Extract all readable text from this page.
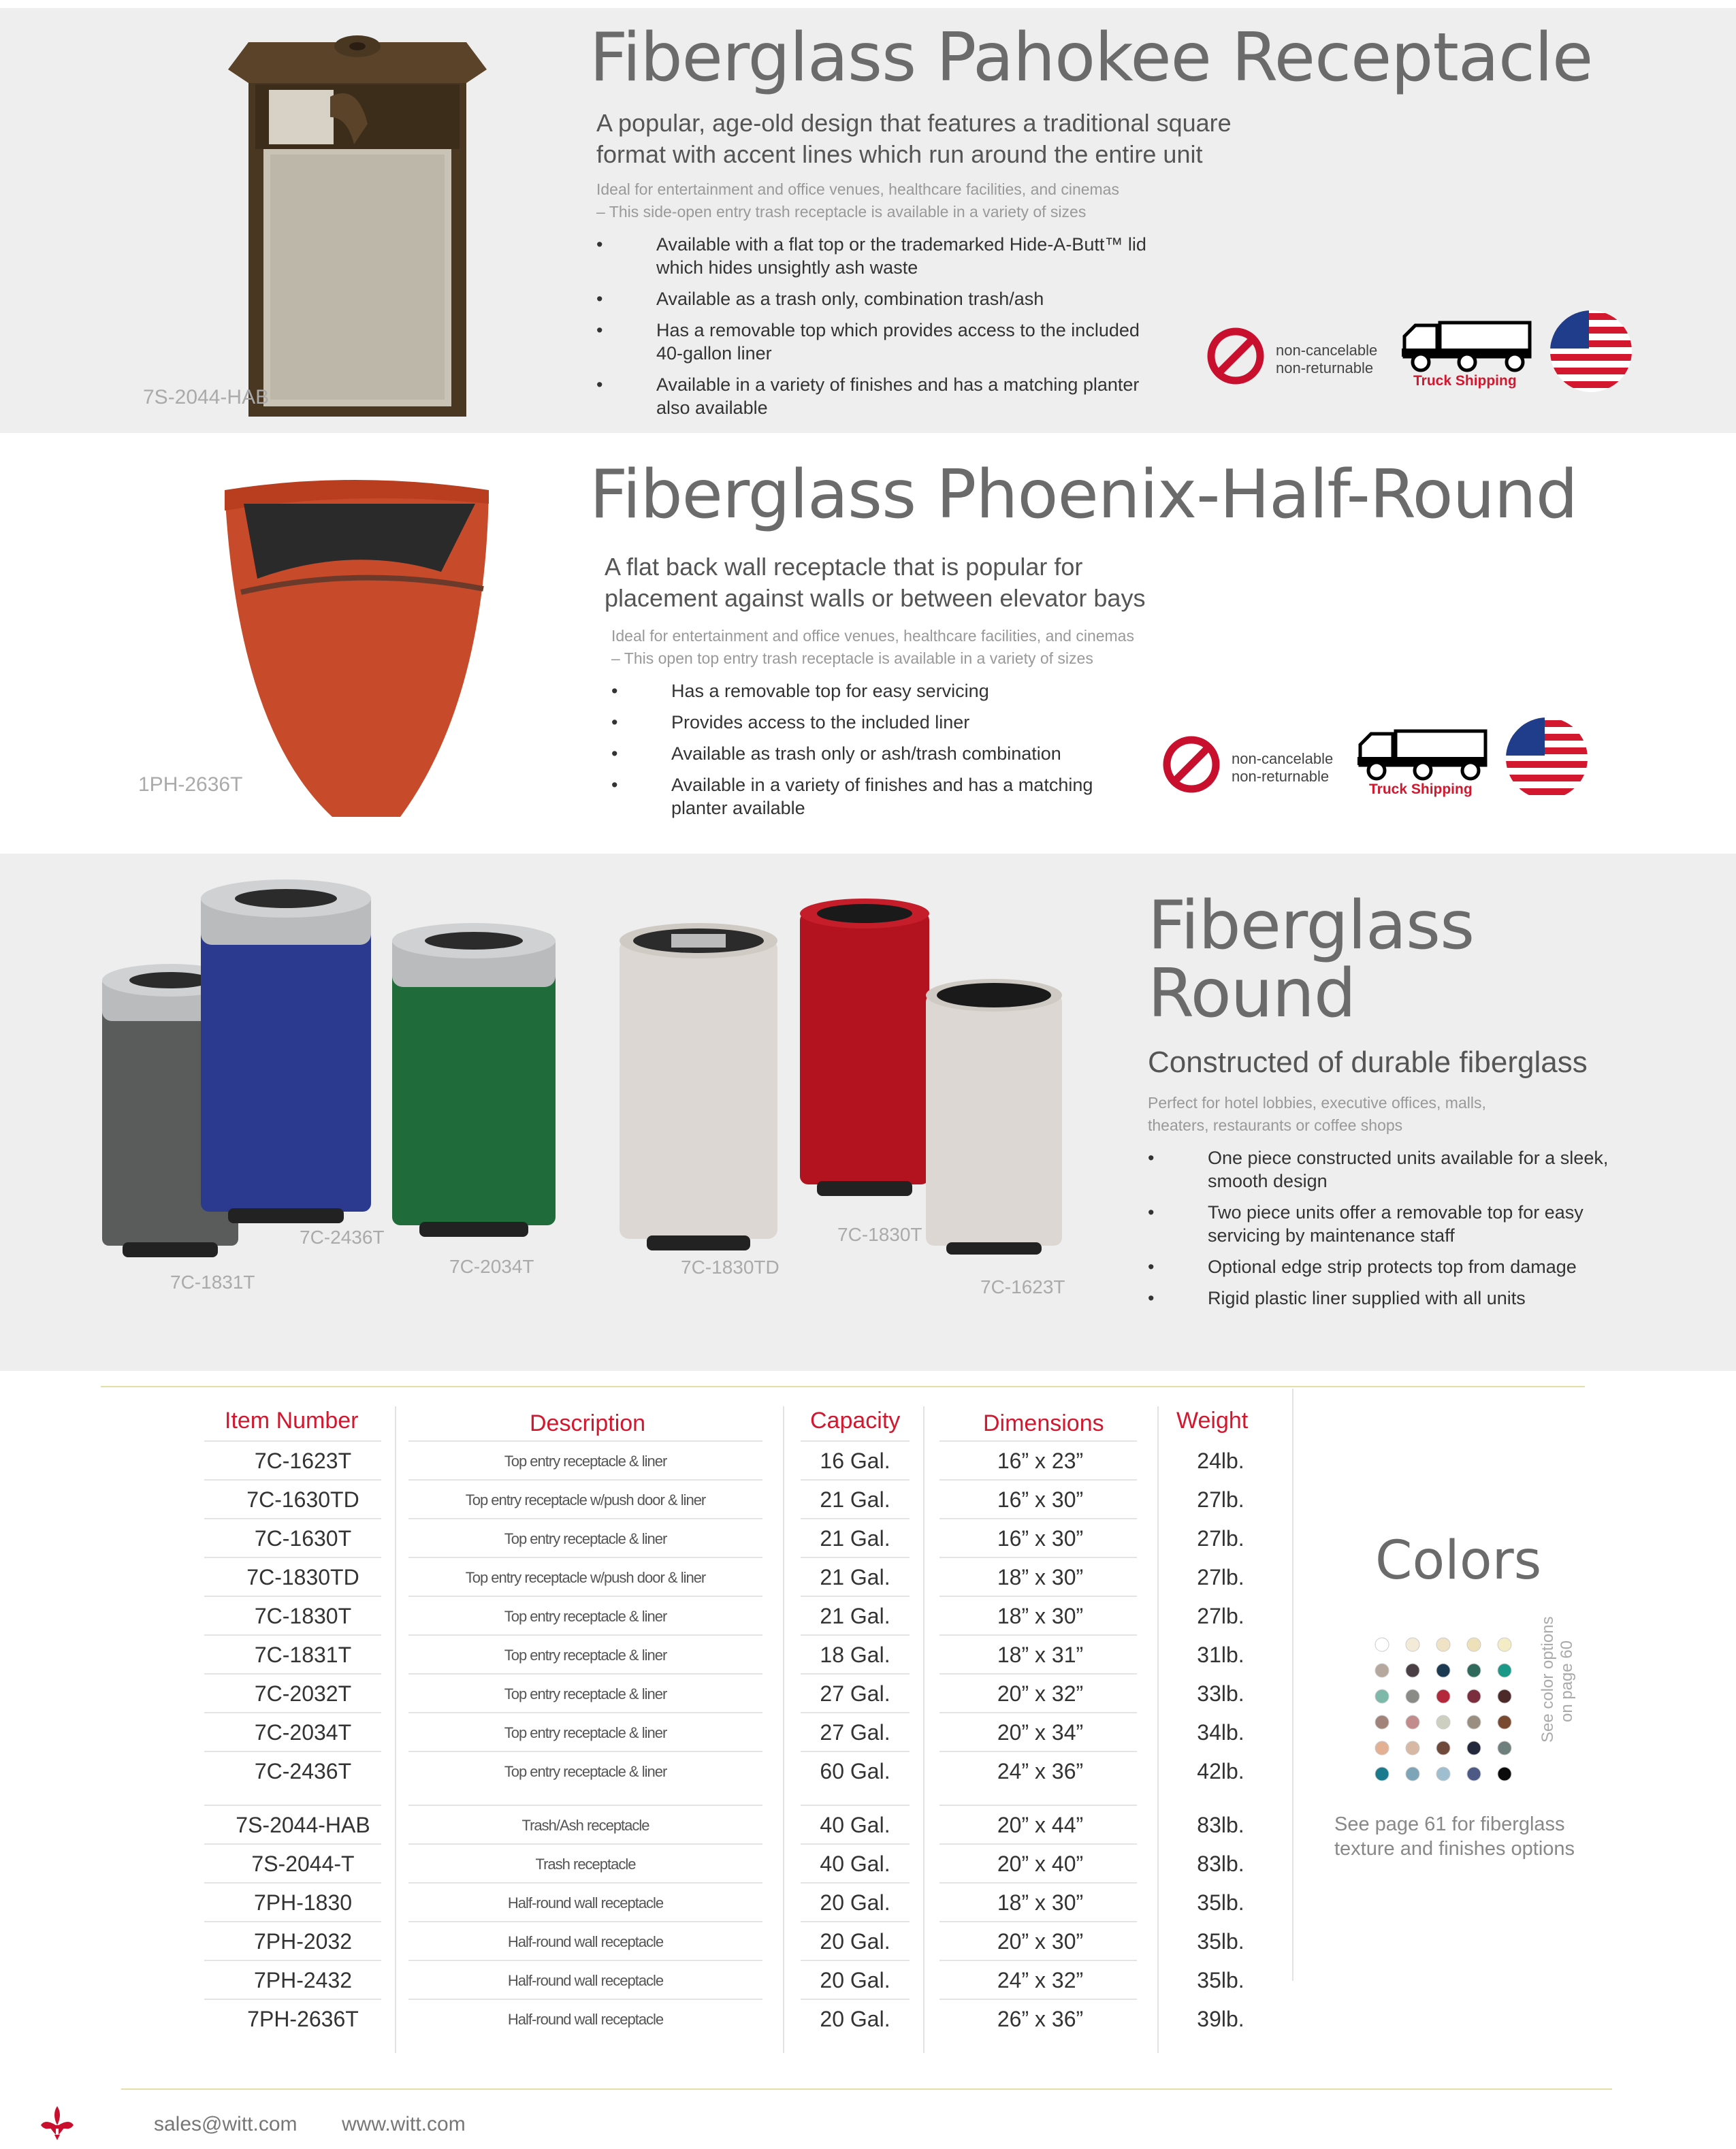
7S-2044-HAB
Fiberglass Pahokee Receptacle
A popular, age-old design that features a traditional square
format with accent lines which run around the entire unit
Ideal for entertainment and office venues, healthcare facilities, and cinemas
– This side-open entry trash receptacle is available in a variety of sizes
• Available with a flat top or the trademarked Hide-A-Butt™ lid which hides unsightly ash waste
• Available as a trash only, combination trash/ash
• Has a removable top which provides access to the included 40-gallon liner
• Available in a variety of finishes and has a matching planter also available
non-cancelable
non-returnable
Truck Shipping
1PH-2636T
Fiberglass Phoenix-Half-Round
A flat back wall receptacle that is popular for
placement against walls or between elevator bays
Ideal for entertainment and office venues, healthcare facilities, and cinemas
– This open top entry trash receptacle is available in a variety of sizes
• Has a removable top for easy servicing
• Provides access to the included liner
• Available as trash only or ash/trash combination
• Available in a variety of finishes and has a matching planter available
non-cancelable
non-returnable
Truck Shipping
7C-1831T
7C-2436T
7C-2034T	7C-1830TD
7C-1830T
7C-1623T
Fiberglass
Round
Constructed of durable fiberglass
Perfect for hotel lobbies, executive offices, malls,
theaters, restaurants or coffee shops
• One piece constructed units available for a sleek, smooth design
• Two piece units offer a removable top for easy servicing by maintenance staff
• Optional edge strip protects top from damage
• Rigid plastic liner supplied with all units
Item Number	Description	Capacity	Dimensions	Weight
7C-1623T	Top entry receptacle & liner	16 Gal.	16” x 23”	24lb.
7C-1630TD	Top entry receptacle w/push door & liner	21 Gal.	16” x 30”	27lb.
7C-1630T	Top entry receptacle & liner	21 Gal.	16” x 30”	27lb.
7C-1830TD	Top entry receptacle w/push door & liner	21 Gal.	18” x 30”	27lb.
7C-1830T	Top entry receptacle & liner	21 Gal.	18” x 30”	27lb.
7C-1831T	Top entry receptacle & liner	18 Gal.	18” x 31”	31lb.
7C-2032T	Top entry receptacle & liner	27 Gal.	20” x 32”	33lb.
7C-2034T	Top entry receptacle & liner	27 Gal.	20” x 34”	34lb.
7C-2436T	Top entry receptacle & liner	60 Gal.	24” x 36”	42lb.
7S-2044-HAB	Trash/Ash receptacle	40 Gal.	20” x 44”	83lb.
7S-2044-T	Trash receptacle	40 Gal.	20” x 40”	83lb.
7PH-1830	Half-round wall receptacle	20 Gal.	18” x 30”	35lb.
7PH-2032	Half-round wall receptacle	20 Gal.	20” x 30”	35lb.
7PH-2432	Half-round wall receptacle	20 Gal.	24” x 32”	35lb.
7PH-2636T	Half-round wall receptacle	20 Gal.	26” x 36”	39lb.
Colors
See color options on page 60
See page 61 for fiberglass
texture and finishes options
sales@witt.com www.witt.com
